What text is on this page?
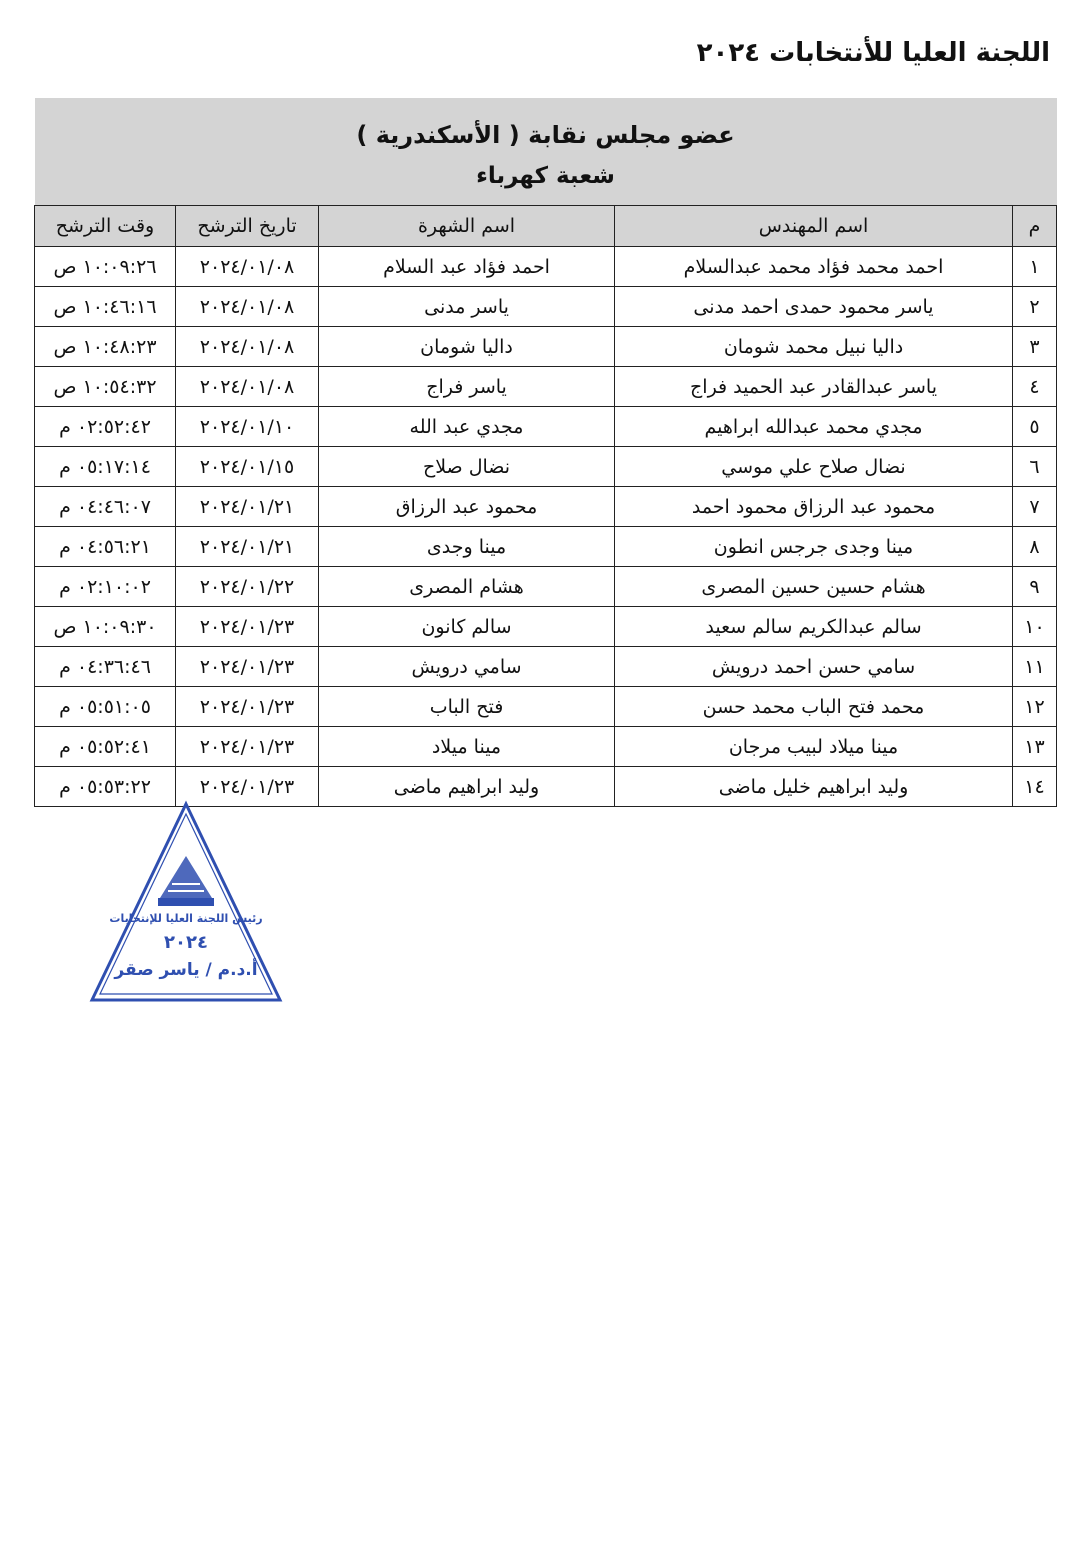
اللجنة العليا للأنتخابات ٢٠٢٤
عضو مجلس نقابة ( الأسكندرية )
شعبة كهرباء				

م	اسم المهندس	اسم الشهرة	تاريخ الترشح	وقت الترشح
١	احمد محمد فؤاد محمد عبدالسلام	احمد فؤاد عبد السلام	٢٠٢٤/٠١/٠٨	١٠:٠٩:٢٦ ص
٢	ياسر محمود حمدى احمد مدنى	ياسر مدنى	٢٠٢٤/٠١/٠٨	١٠:٤٦:١٦ ص
٣	داليا نبيل محمد شومان	داليا شومان	٢٠٢٤/٠١/٠٨	١٠:٤٨:٢٣ ص
٤	ياسر عبدالقادر عبد الحميد فراج	ياسر فراج	٢٠٢٤/٠١/٠٨	١٠:٥٤:٣٢ ص
٥	مجدي محمد عبدالله ابراهيم	مجدي عبد الله	٢٠٢٤/٠١/١٠	٠٢:٥٢:٤٢ م
٦	نضال صلاح علي موسي	نضال صلاح	٢٠٢٤/٠١/١٥	٠٥:١٧:١٤ م
٧	محمود عبد الرزاق محمود احمد	محمود عبد الرزاق	٢٠٢٤/٠١/٢١	٠٤:٤٦:٠٧ م
٨	مينا وجدى جرجس انطون	مينا وجدى	٢٠٢٤/٠١/٢١	٠٤:٥٦:٢١ م
٩	هشام حسين حسين المصرى	هشام المصرى	٢٠٢٤/٠١/٢٢	٠٢:١٠:٠٢ م
١٠	سالم عبدالكريم سالم سعيد	سالم كانون	٢٠٢٤/٠١/٢٣	١٠:٠٩:٣٠ ص
١١	سامي حسن احمد درويش	سامي درويش	٢٠٢٤/٠١/٢٣	٠٤:٣٦:٤٦ م
١٢	محمد فتح الباب محمد حسن	فتح الباب	٢٠٢٤/٠١/٢٣	٠٥:٥١:٠٥ م
١٣	مينا ميلاد لبيب مرجان	مينا ميلاد	٢٠٢٤/٠١/٢٣	٠٥:٥٢:٤١ م
١٤	وليد ابراهيم خليل ماضى	وليد ابراهيم ماضى	٢٠٢٤/٠١/٢٣	٠٥:٥٣:٢٢ م
رئيس اللجنة العليا للإنتخابات
٢٠٢٤
أ.د.م / ياسر صقر
